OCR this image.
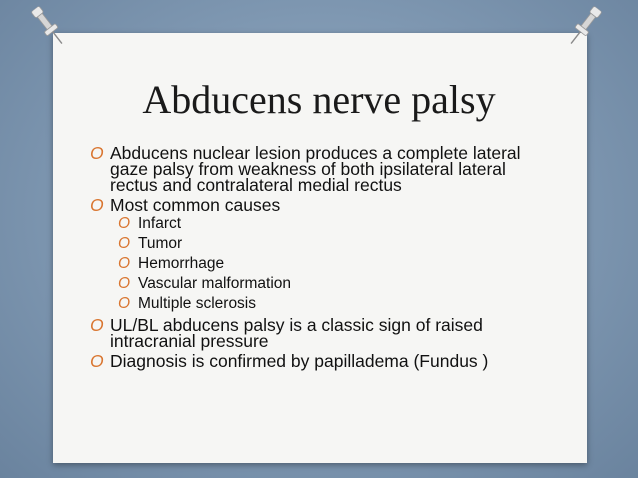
Abducens nerve palsy
O Abducens nuclear lesion produces a complete lateral gaze palsy from weakness of both ipsilateral lateral rectus and contralateral medial rectus
O Most common causes
O Infarct
O Tumor
O Hemorrhage
O Vascular malformation
O Multiple sclerosis
O UL/BL abducens palsy is a classic sign of raised intracranial pressure
O Diagnosis is confirmed by papilladema (Fundus )
